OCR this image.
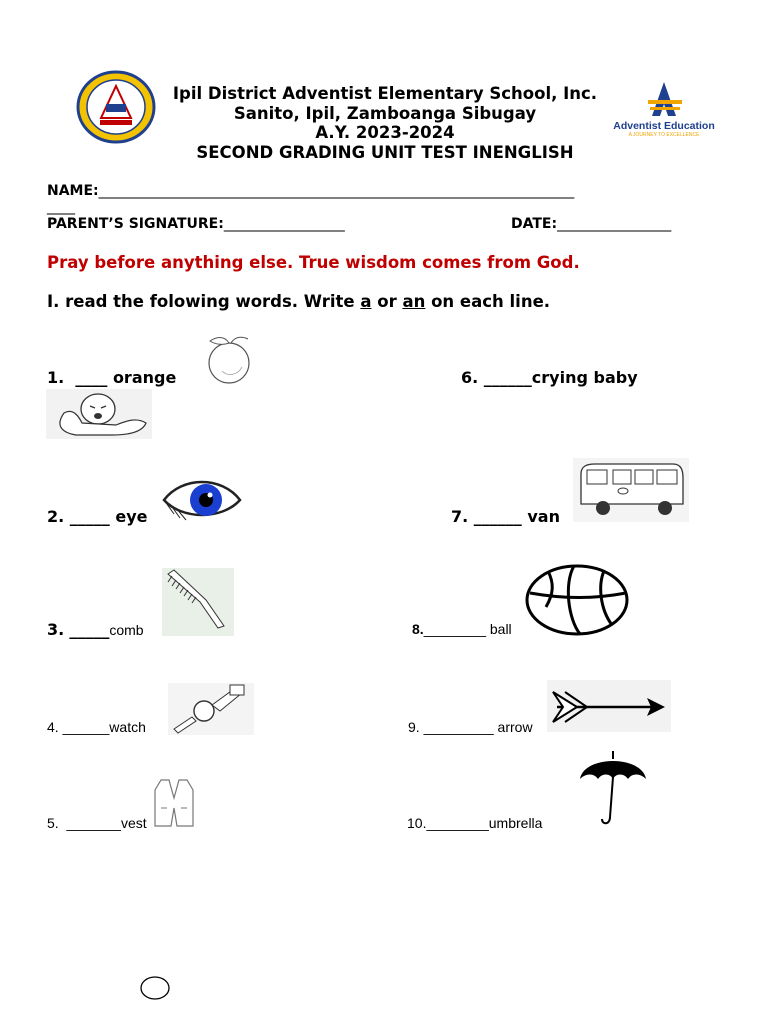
Ipil District Adventist Elementary School, Inc.
Sanito, Ipil, Zamboanga Sibugay
A.Y. 2023-2024
SECOND GRADING UNIT TEST INENGLISH
Adventist Education
A JOURNEY TO EXCELLENCE
NAME:________________________________________________________________________
____
PARENT’S SIGNATURE:__________________	DATE:_________________
Pray before anything else. True wisdom comes from God.
I. read the folowing words. Write a or an on each line.
1. ____ orange	6. ______crying baby
2. _____ eye	7. ______ van
3. _____comb	8.________ ball
4. ______watch	9. _________ arrow
5. _______vest	10.________umbrella
